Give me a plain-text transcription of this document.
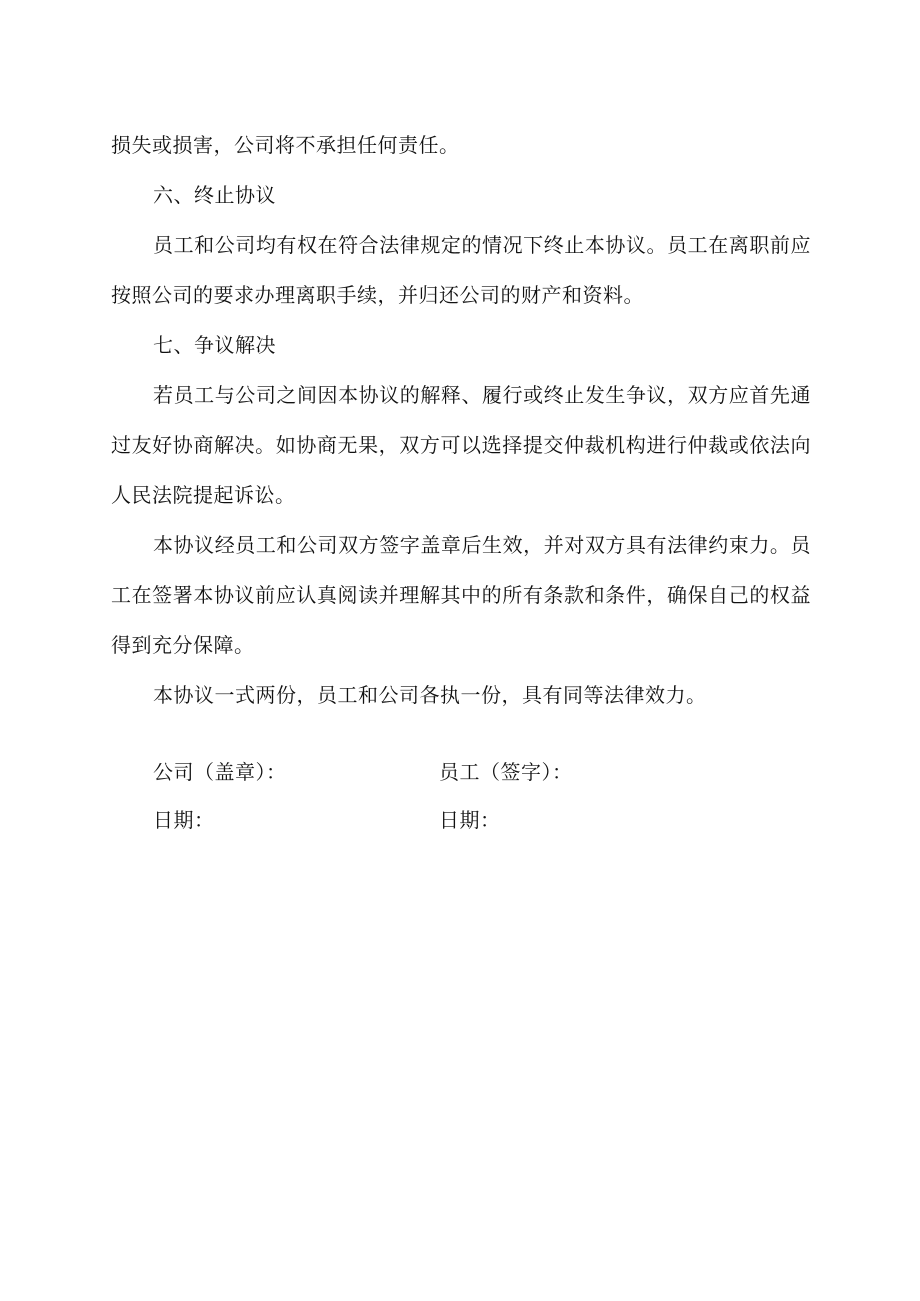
损失或损害，公司将不承担任何责任。

六、终止协议

员工和公司均有权在符合法律规定的情况下终止本协议。员工在离职前应按照公司的要求办理离职手续，并归还公司的财产和资料。

七、争议解决

若员工与公司之间因本协议的解释、履行或终止发生争议，双方应首先通过友好协商解决。如协商无果，双方可以选择提交仲裁机构进行仲裁或依法向人民法院提起诉讼。

本协议经员工和公司双方签字盖章后生效，并对双方具有法律约束力。员工在签署本协议前应认真阅读并理解其中的所有条款和条件，确保自己的权益得到充分保障。

本协议一式两份，员工和公司各执一份，具有同等法律效力。

公司（盖章）：	员工（签字）：
日期：	日期：
